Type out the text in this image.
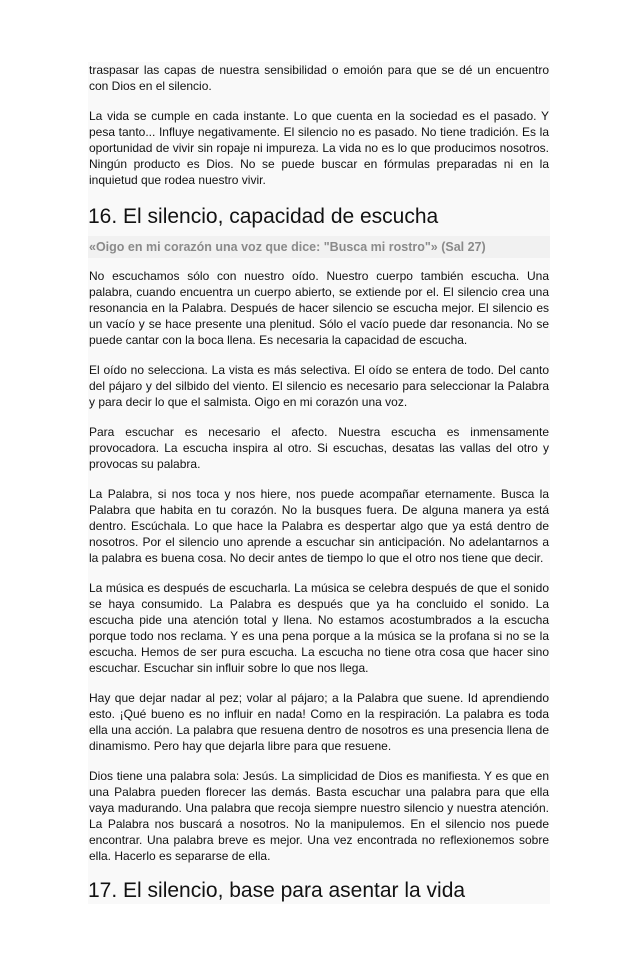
traspasar las capas de nuestra sensibilidad o emoión para que se dé un encuentro con Dios en el silencio.

La vida se cumple en cada instante. Lo que cuenta en la sociedad es el pasado. Y pesa tanto... Influye negativamente. El silencio no es pasado. No tiene tradición. Es la oportunidad de vivir sin ropaje ni impureza. La vida no es lo que producimos nosotros. Ningún producto es Dios. No se puede buscar en fórmulas preparadas ni en la inquietud que rodea nuestro vivir.

16. El silencio, capacidad de escucha
«Oigo en mi corazón una voz que dice: "Busca mi rostro"» (Sal 27)

No escuchamos sólo con nuestro oído. Nuestro cuerpo también escucha. Una palabra, cuando encuentra un cuerpo abierto, se extiende por el. El silencio crea una resonancia en la Palabra. Después de hacer silencio se escucha mejor. El silencio es un vacío y se hace presente una plenitud. Sólo el vacío puede dar resonancia. No se puede cantar con la boca llena. Es necesaria la capacidad de escucha.

El oído no selecciona. La vista es más selectiva. El oído se entera de todo. Del canto del pájaro y del silbido del viento. El silencio es necesario para seleccionar la Palabra y para decir lo que el salmista. Oigo en mi corazón una voz.

Para escuchar es necesario el afecto. Nuestra escucha es inmensamente provocadora. La escucha inspira al otro. Si escuchas, desatas las vallas del otro y provocas su palabra.

La Palabra, si nos toca y nos hiere, nos puede acompañar eternamente. Busca la Palabra que habita en tu corazón. No la busques fuera. De alguna manera ya está dentro. Escúchala. Lo que hace la Palabra es despertar algo que ya está dentro de nosotros. Por el silencio uno aprende a escuchar sin anticipación. No adelantarnos a la palabra es buena cosa. No decir antes de tiempo lo que el otro nos tiene que decir.

La música es después de escucharla. La música se celebra después de que el sonido se haya consumido. La Palabra es después que ya ha concluido el sonido. La escucha pide una atención total y llena. No estamos acostumbrados a la escucha porque todo nos reclama. Y es una pena porque a la música se la profana si no se la escucha. Hemos de ser pura escucha. La escucha no tiene otra cosa que hacer sino escuchar. Escuchar sin influir sobre lo que nos llega.

Hay que dejar nadar al pez; volar al pájaro; a la Palabra que suene. Id aprendiendo esto. ¡Qué bueno es no influir en nada! Como en la respiración. La palabra es toda ella una acción. La palabra que resuena dentro de nosotros es una presencia llena de dinamismo. Pero hay que dejarla libre para que resuene.

Dios tiene una palabra sola: Jesús. La simplicidad de Dios es manifiesta. Y es que en una Palabra pueden florecer las demás. Basta escuchar una palabra para que ella vaya madurando. Una palabra que recoja siempre nuestro silencio y nuestra atención. La Palabra nos buscará a nosotros. No la manipulemos. En el silencio nos puede encontrar. Una palabra breve es mejor. Una vez encontrada no reflexionemos sobre ella. Hacerlo es separarse de ella.

17. El silencio, base para asentar la vida
